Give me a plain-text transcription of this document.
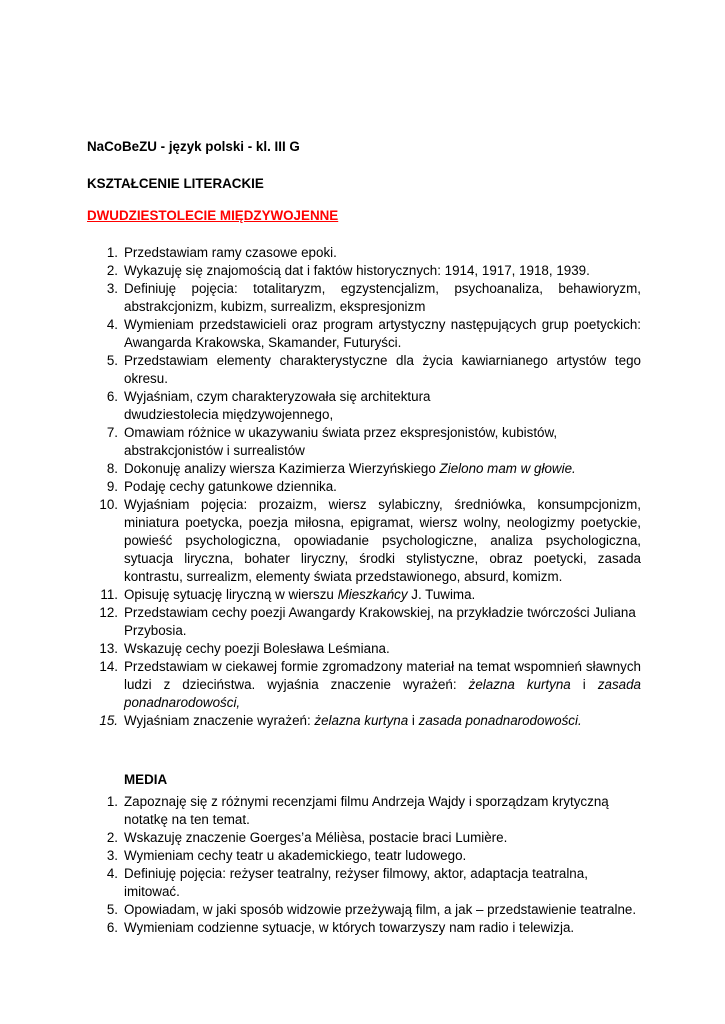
NaCoBeZU - język polski - kl. III G
KSZTAŁCENIE LITERACKIE
DWUDZIESTOLECIE MIĘDZYWOJENNE
1. Przedstawiam ramy czasowe epoki.
2. Wykazuję się znajomością dat i faktów historycznych: 1914, 1917, 1918, 1939.
3. Definiuję pojęcia: totalitaryzm, egzystencjalizm, psychoanaliza, behawioryzm, abstrakcjonizm, kubizm, surrealizm, ekspresjonizm
4. Wymieniam przedstawicieli oraz program artystyczny następujących grup poetyckich: Awangarda Krakowska, Skamander, Futuryści.
5. Przedstawiam elementy charakterystyczne dla życia kawiarnianego artystów tego okresu.
6. Wyjaśniam, czym charakteryzowała się architektura dwudziestolecia międzywojennego,
7. Omawiam różnice w ukazywaniu świata przez ekspresjonistów, kubistów, abstrakcjonistów i surrealistów
8. Dokonuję analizy wiersza Kazimierza Wierzyńskiego Zielono mam w głowie.
9. Podaję cechy gatunkowe dziennika.
10. Wyjaśniam pojęcia: prozaizm, wiersz sylabiczny, średniówka, konsumpcjonizm, miniatura poetycka, poezja miłosna, epigramat, wiersz wolny, neologizmy poetyckie, powieść psychologiczna, opowiadanie psychologiczne, analiza psychologiczna, sytuacja liryczna, bohater liryczny, środki stylistyczne, obraz poetycki, zasada kontrastu, surrealizm, elementy świata przedstawionego, absurd, komizm.
11. Opisuję sytuację liryczną w wierszu Mieszkańcy J. Tuwima.
12. Przedstawiam cechy poezji Awangardy Krakowskiej, na przykładzie twórczości Juliana Przybosia.
13. Wskazuję cechy poezji Bolesława Leśmiana.
14. Przedstawiam w ciekawej formie zgromadzony materiał na temat wspomnień sławnych ludzi z dzieciństwa. wyjaśnia znaczenie wyrażeń: żelazna kurtyna i zasada ponadnarodowości,
15. Wyjaśniam znaczenie wyrażeń: żelazna kurtyna i zasada ponadnarodowości.
MEDIA
1. Zapoznaję się z różnymi recenzjami filmu Andrzeja Wajdy i sporządzam krytyczną notatkę na ten temat.
2. Wskazuję znaczenie Goerges’a Méliѐsa, postacie braci Lumiѐre.
3. Wymieniam cechy teatr u akademickiego, teatr ludowego.
4. Definiuję pojęcia: reżyser teatralny, reżyser filmowy, aktor, adaptacja teatralna, imitować.
5. Opowiadam, w jaki sposób widzowie przeżywają film, a jak – przedstawienie teatralne.
6. Wymieniam codzienne sytuacje, w których towarzyszy nam radio i telewizja.
